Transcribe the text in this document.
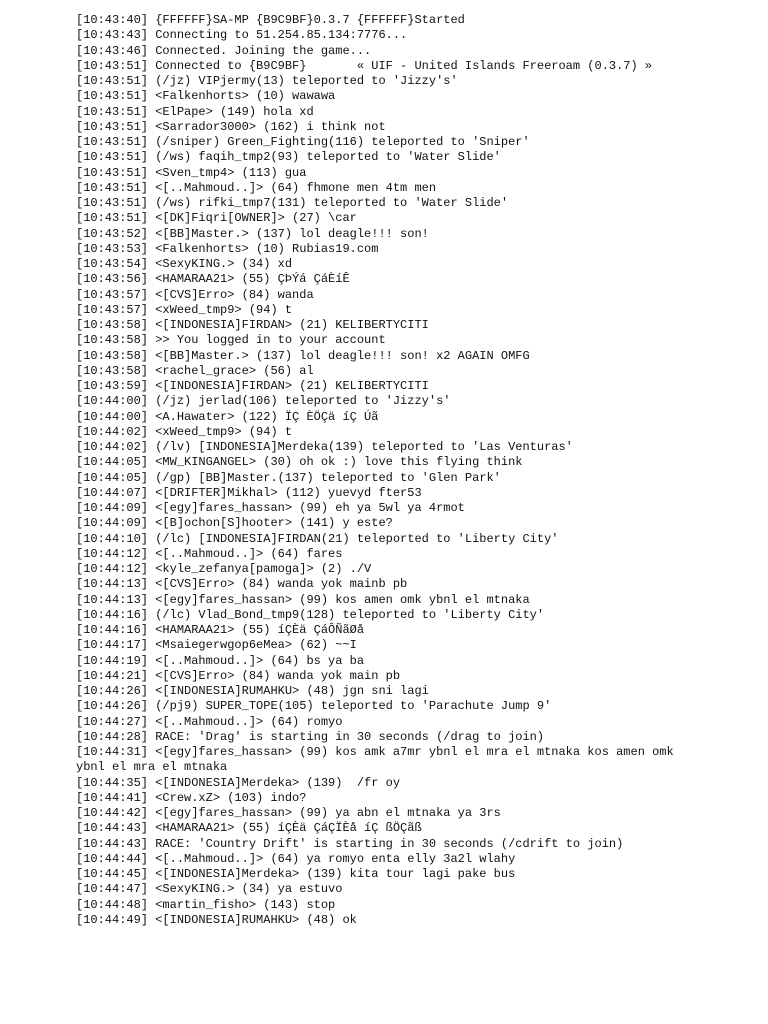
[10:43:40] {FFFFFF}SA-MP {B9C9BF}0.3.7 {FFFFFF}Started
[10:43:43] Connecting to 51.254.85.134:7776...
[10:43:46] Connected. Joining the game...
[10:43:51] Connected to {B9C9BF}       « UIF - United Islands Freeroam (0.3.7) »
[10:43:51] (/jz) VIPjermy(13) teleported to 'Jizzy's'
[10:43:51] <Falkenhorts> (10) wawawa
[10:43:51] <ElPape> (149) hola xd
[10:43:51] <Sarrador3000> (162) i think not
[10:43:51] (/sniper) Green_Fighting(116) teleported to 'Sniper'
[10:43:51] (/ws) faqih_tmp2(93) teleported to 'Water Slide'
[10:43:51] <Sven_tmp4> (113) gua
[10:43:51] <[..Mahmoud..]> (64) fhmone men 4tm men
[10:43:51] (/ws) rifki_tmp7(131) teleported to 'Water Slide'
[10:43:51] <[DK]Fiqri[OWNER]> (27) \car
[10:43:52] <[BB]Master.> (137) lol deagle!!! son!
[10:43:53] <Falkenhorts> (10) Rubias19.com
[10:43:54] <SexyKING.> (34) xd
[10:43:56] <HAMARAA21> (55) ÇÞÝá ÇáÈíÊ
[10:43:57] <[CVS]Erro> (84) wanda
[10:43:57] <xWeed_tmp9> (94) t
[10:43:58] <[INDONESIA]FIRDAN> (21) KELIBERTYCITI
[10:43:58] >> You logged in to your account
[10:43:58] <[BB]Master.> (137) lol deagle!!! son! x2 AGAIN OMFG
[10:43:58] <rachel_grace> (56) al
[10:43:59] <[INDONESIA]FIRDAN> (21) KELIBERTYCITI
[10:44:00] (/jz) jerlad(106) teleported to 'Jizzy's'
[10:44:00] <A.Hawater> (122) ÏÇ ÈÖÇä íÇ Úã
[10:44:02] <xWeed_tmp9> (94) t
[10:44:02] (/lv) [INDONESIA]Merdeka(139) teleported to 'Las Venturas'
[10:44:05] <MW_KINGANGEL> (30) oh ok :) love this flying think
[10:44:05] (/gp) [BB]Master.(137) teleported to 'Glen Park'
[10:44:07] <[DRIFTER]Mikhal> (112) yuevyd fter53
[10:44:09] <[egy]fares_hassan> (99) eh ya 5wl ya 4rmot
[10:44:09] <[B]ochon[S]hooter> (141) y este?
[10:44:10] (/lc) [INDONESIA]FIRDAN(21) teleported to 'Liberty City'
[10:44:12] <[..Mahmoud..]> (64) fares
[10:44:12] <kyle_zefanya[pamoga]> (2) ./V
[10:44:13] <[CVS]Erro> (84) wanda yok mainb pb
[10:44:13] <[egy]fares_hassan> (99) kos amen omk ybnl el mtnaka
[10:44:16] (/lc) Vlad_Bond_tmp9(128) teleported to 'Liberty City'
[10:44:16] <HAMARAA21> (55) íÇÈä ÇáÔÑãØå
[10:44:17] <Msaiegerwgop6eMea> (62) ~~I
[10:44:19] <[..Mahmoud..]> (64) bs ya ba
[10:44:21] <[CVS]Erro> (84) wanda yok main pb
[10:44:26] <[INDONESIA]RUMAHKU> (48) jgn sni lagi
[10:44:26] (/pj9) SUPER_TOPE(105) teleported to 'Parachute Jump 9'
[10:44:27] <[..Mahmoud..]> (64) romyo
[10:44:28] RACE: 'Drag' is starting in 30 seconds (/drag to join)
[10:44:31] <[egy]fares_hassan> (99) kos amk a7mr ybnl el mra el mtnaka kos amen omk ybnl el mra el mtnaka
[10:44:35] <[INDONESIA]Merdeka> (139)  /fr oy
[10:44:41] <Crew.xZ> (103) indo?
[10:44:42] <[egy]fares_hassan> (99) ya abn el mtnaka ya 3rs
[10:44:43] <HAMARAA21> (55) íÇÈä ÇáÇÏÈå íÇ ßÖÇãß
[10:44:43] RACE: 'Country Drift' is starting in 30 seconds (/cdrift to join)
[10:44:44] <[..Mahmoud..]> (64) ya romyo enta elly 3a2l wlahy
[10:44:45] <[INDONESIA]Merdeka> (139) kita tour lagi pake bus
[10:44:47] <SexyKING.> (34) ya estuvo
[10:44:48] <martin_fisho> (143) stop
[10:44:49] <[INDONESIA]RUMAHKU> (48) ok
